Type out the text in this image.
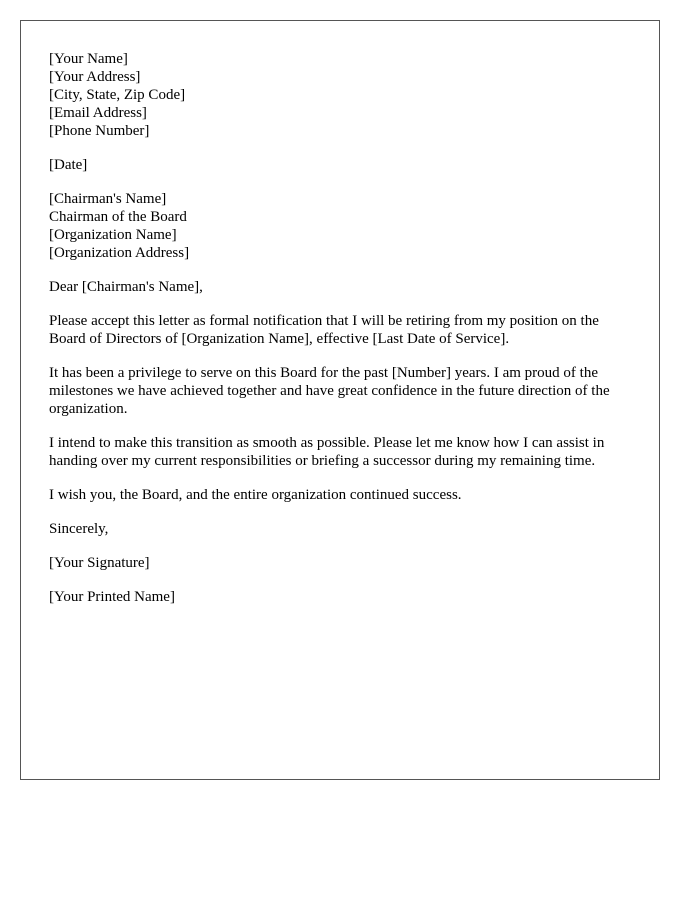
[Your Name]
[Your Address]
[City, State, Zip Code]
[Email Address]
[Phone Number]
[Date]
[Chairman's Name]
Chairman of the Board
[Organization Name]
[Organization Address]

Dear [Chairman's Name],

Please accept this letter as formal notification that I will be retiring from my position on the Board of Directors of [Organization Name], effective [Last Date of Service].

It has been a privilege to serve on this Board for the past [Number] years. I am proud of the milestones we have achieved together and have great confidence in the future direction of the organization.

I intend to make this transition as smooth as possible. Please let me know how I can assist in handing over my current responsibilities or briefing a successor during my remaining time.

I wish you, the Board, and the entire organization continued success.

Sincerely,

[Your Signature]

[Your Printed Name]
